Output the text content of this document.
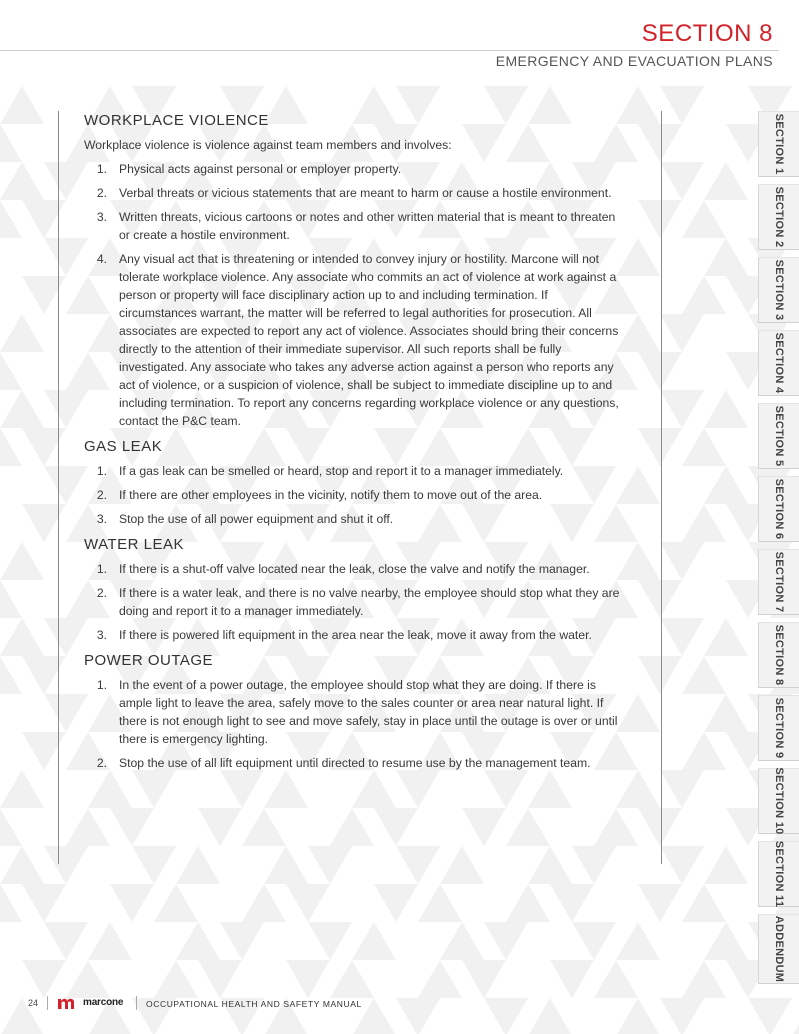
SECTION 8
EMERGENCY AND EVACUATION PLANS
WORKPLACE VIOLENCE

Workplace violence is violence against team members and involves:

1. Physical acts against personal or employer property.
2. Verbal threats or vicious statements that are meant to harm or cause a hostile environment.
3. Written threats, vicious cartoons or notes and other written material that is meant to threaten or create a hostile environment.
4. Any visual act that is threatening or intended to convey injury or hostility. Marcone will not tolerate workplace violence. Any associate who commits an act of violence at work against a person or property will face disciplinary action up to and including termination. If circumstances warrant, the matter will be referred to legal authorities for prosecution. All associates are expected to report any act of violence. Associates should bring their concerns directly to the attention of their immediate supervisor. All such reports shall be fully investigated. Any associate who takes any adverse action against a person who reports any act of violence, or a suspicion of violence, shall be subject to immediate discipline up to and including termination. To report any concerns regarding workplace violence or any questions, contact the P&C team.
GAS LEAK
1. If a gas leak can be smelled or heard, stop and report it to a manager immediately.
2. If there are other employees in the vicinity, notify them to move out of the area.
3. Stop the use of all power equipment and shut it off.
WATER LEAK
1. If there is a shut-off valve located near the leak, close the valve and notify the manager.
2. If there is a water leak, and there is no valve nearby, the employee should stop what they are doing and report it to a manager immediately.
3. If there is powered lift equipment in the area near the leak, move it away from the water.
POWER OUTAGE
1. In the event of a power outage, the employee should stop what they are doing. If there is ample light to leave the area, safely move to the sales counter or area near natural light. If there is not enough light to see and move safely, stay in place until the outage is over or until there is emergency lighting.
2. Stop the use of all lift equipment until directed to resume use by the management team.
SECTION 1
SECTION 2
SECTION 3
SECTION 4
SECTION 5
SECTION 6
SECTION 7
SECTION 8
SECTION 9
SECTION 10
SECTION 11
ADDENDUM
24	marcone	OCCUPATIONAL HEALTH AND SAFETY MANUAL
